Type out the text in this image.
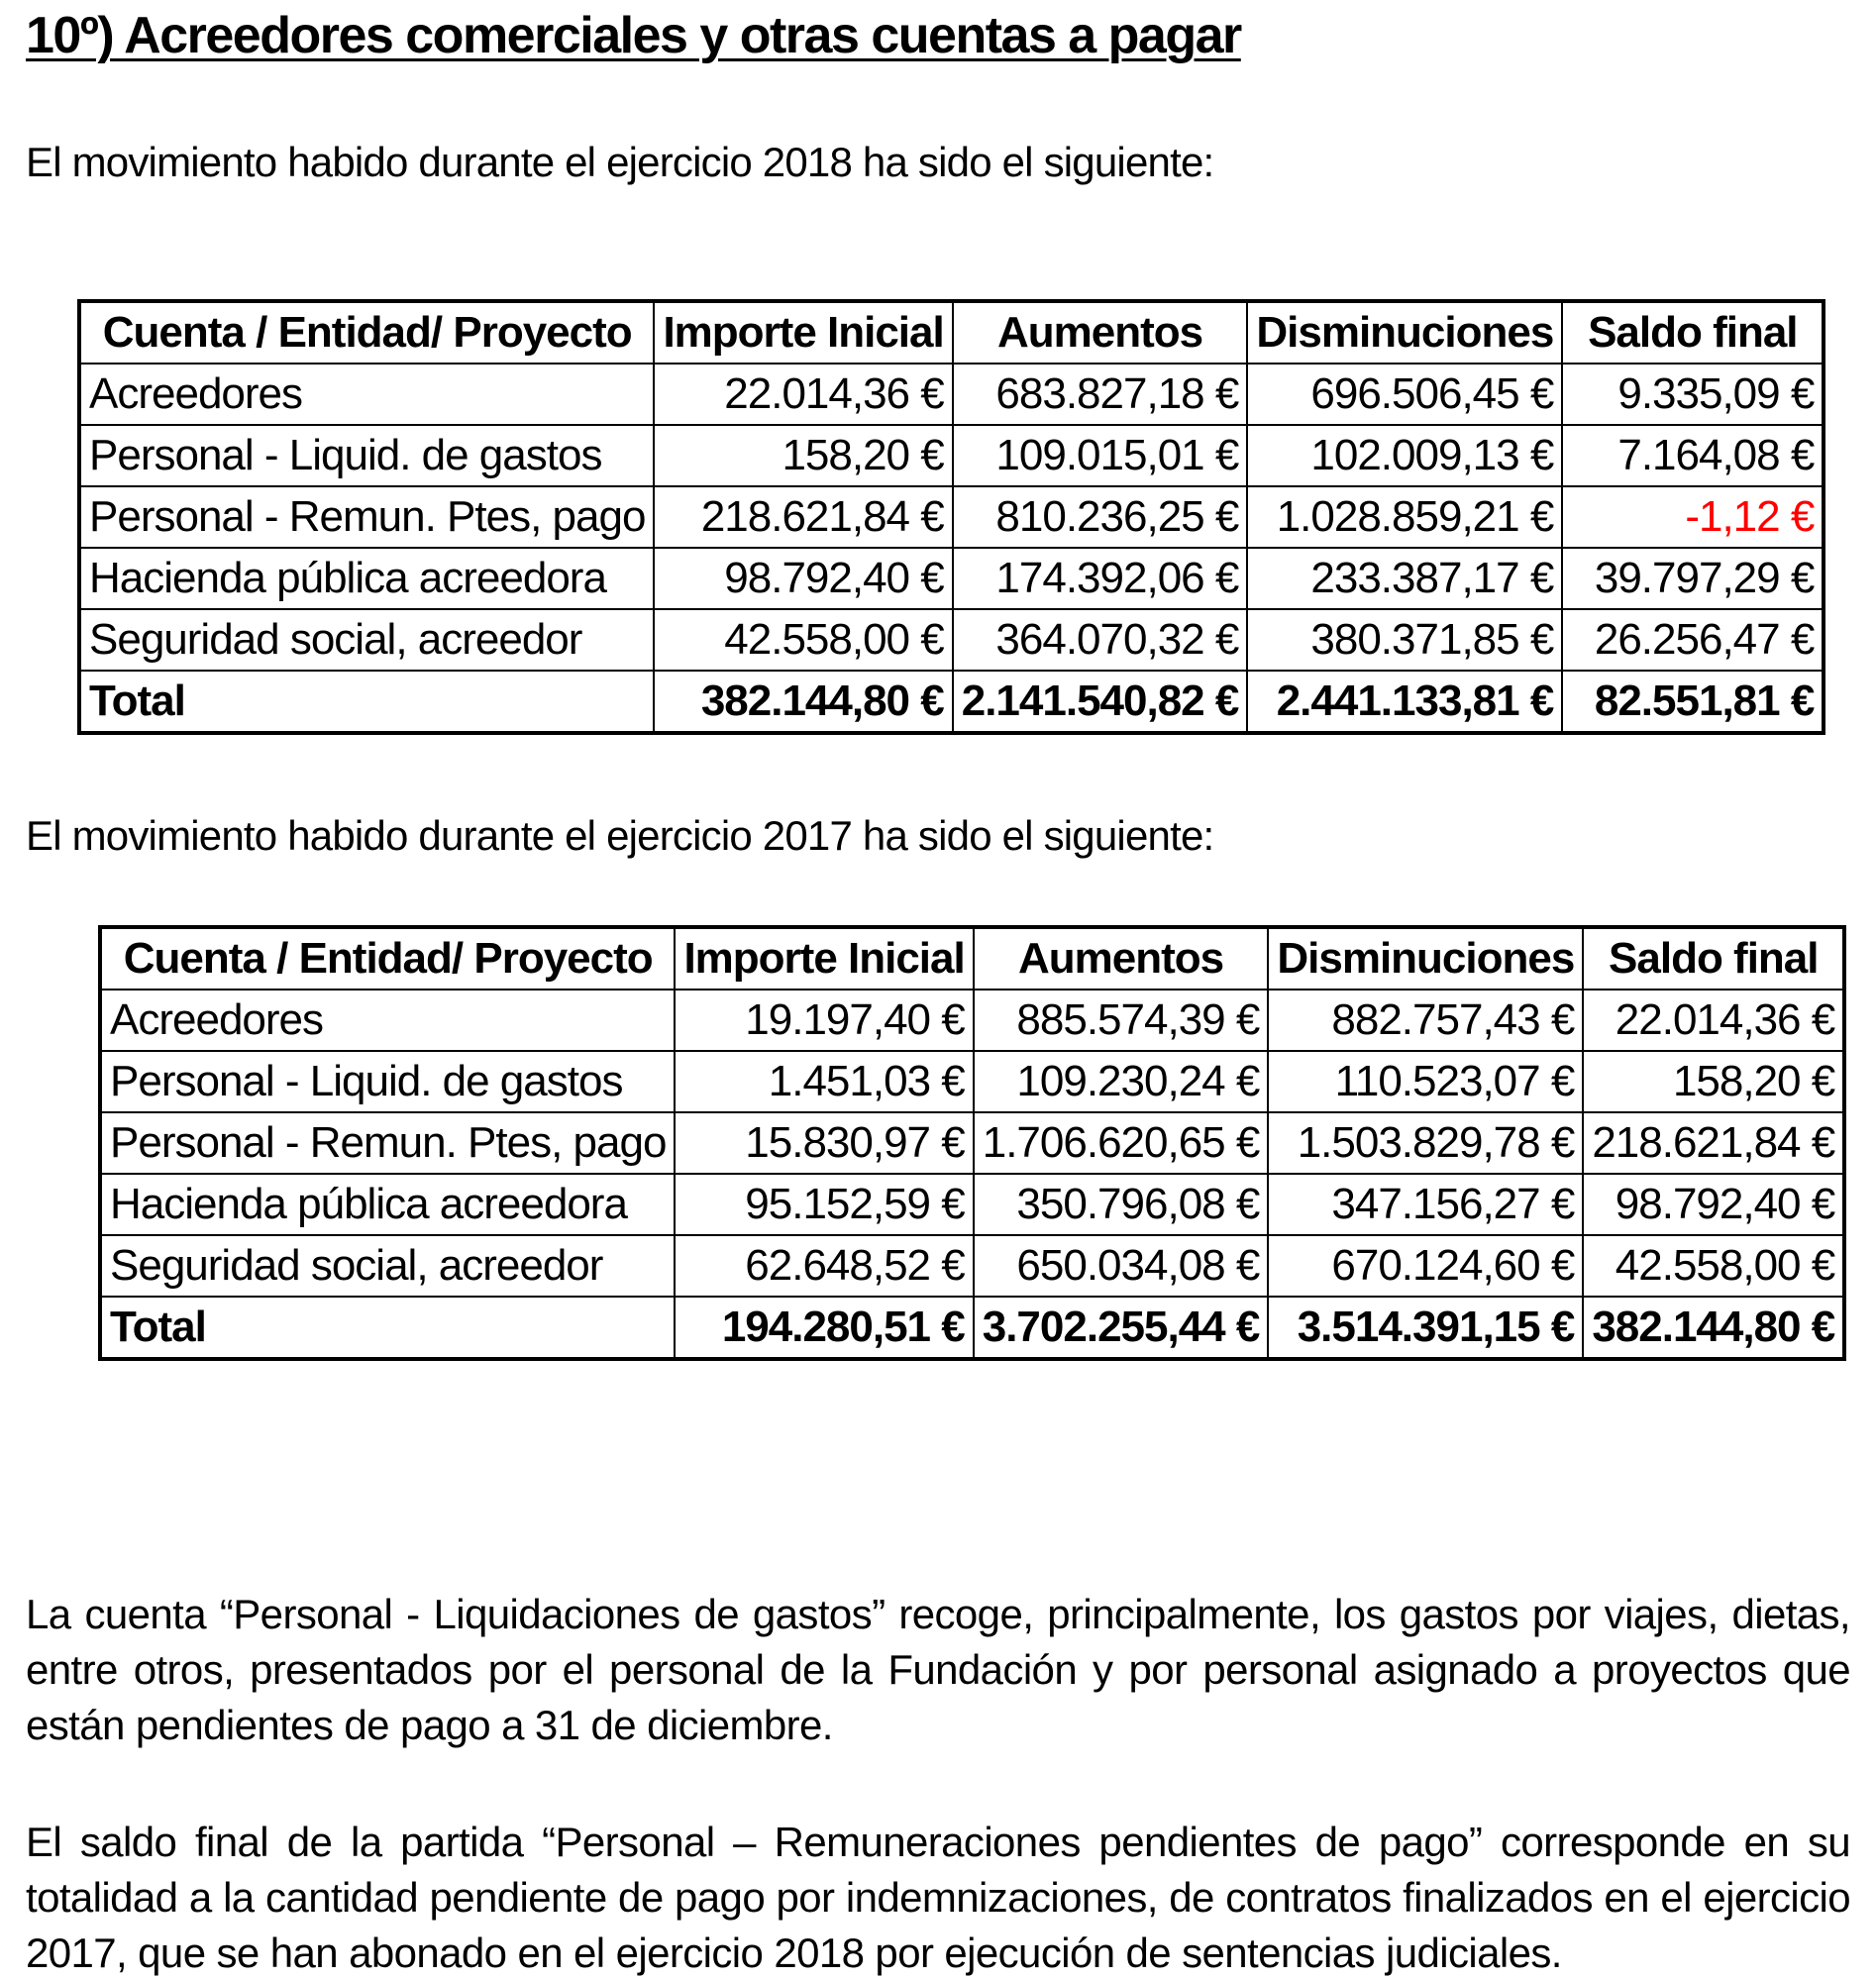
10º) Acreedores comerciales y otras cuentas a pagar
El movimiento habido durante el ejercicio 2018 ha sido el siguiente:
Cuenta / Entidad/ Proyecto	Importe Inicial	Aumentos	Disminuciones	Saldo final
Acreedores	22.014,36 €	683.827,18 €	696.506,45 €	9.335,09 €
Personal - Liquid. de gastos	158,20 €	109.015,01 €	102.009,13 €	7.164,08 €
Personal - Remun. Ptes, pago	218.621,84 €	810.236,25 €	1.028.859,21 €	-1,12 €
Hacienda pública acreedora	98.792,40 €	174.392,06 €	233.387,17 €	39.797,29 €
Seguridad social, acreedor	42.558,00 €	364.070,32 €	380.371,85 €	26.256,47 €
Total	382.144,80 €	2.141.540,82 €	2.441.133,81 €	82.551,81 €
El movimiento habido durante el ejercicio 2017 ha sido el siguiente:
Cuenta / Entidad/ Proyecto	Importe Inicial	Aumentos	Disminuciones	Saldo final
Acreedores	19.197,40 €	885.574,39 €	882.757,43 €	22.014,36 €
Personal - Liquid. de gastos	1.451,03 €	109.230,24 €	110.523,07 €	158,20 €
Personal - Remun. Ptes, pago	15.830,97 €	1.706.620,65 €	1.503.829,78 €	218.621,84 €
Hacienda pública acreedora	95.152,59 €	350.796,08 €	347.156,27 €	98.792,40 €
Seguridad social, acreedor	62.648,52 €	650.034,08 €	670.124,60 €	42.558,00 €
Total	194.280,51 €	3.702.255,44 €	3.514.391,15 €	382.144,80 €

La cuenta “Personal - Liquidaciones de gastos” recoge, principalmente, los gastos por viajes, dietas, entre otros, presentados por el personal de la Fundación y por personal asignado a proyectos que están pendientes de pago a 31 de diciembre.

El saldo final de la partida “Personal – Remuneraciones pendientes de pago” corresponde en su totalidad a la cantidad pendiente de pago por indemnizaciones, de contratos finalizados en el ejercicio 2017, que se han abonado en el ejercicio 2018 por ejecución de sentencias judiciales.
